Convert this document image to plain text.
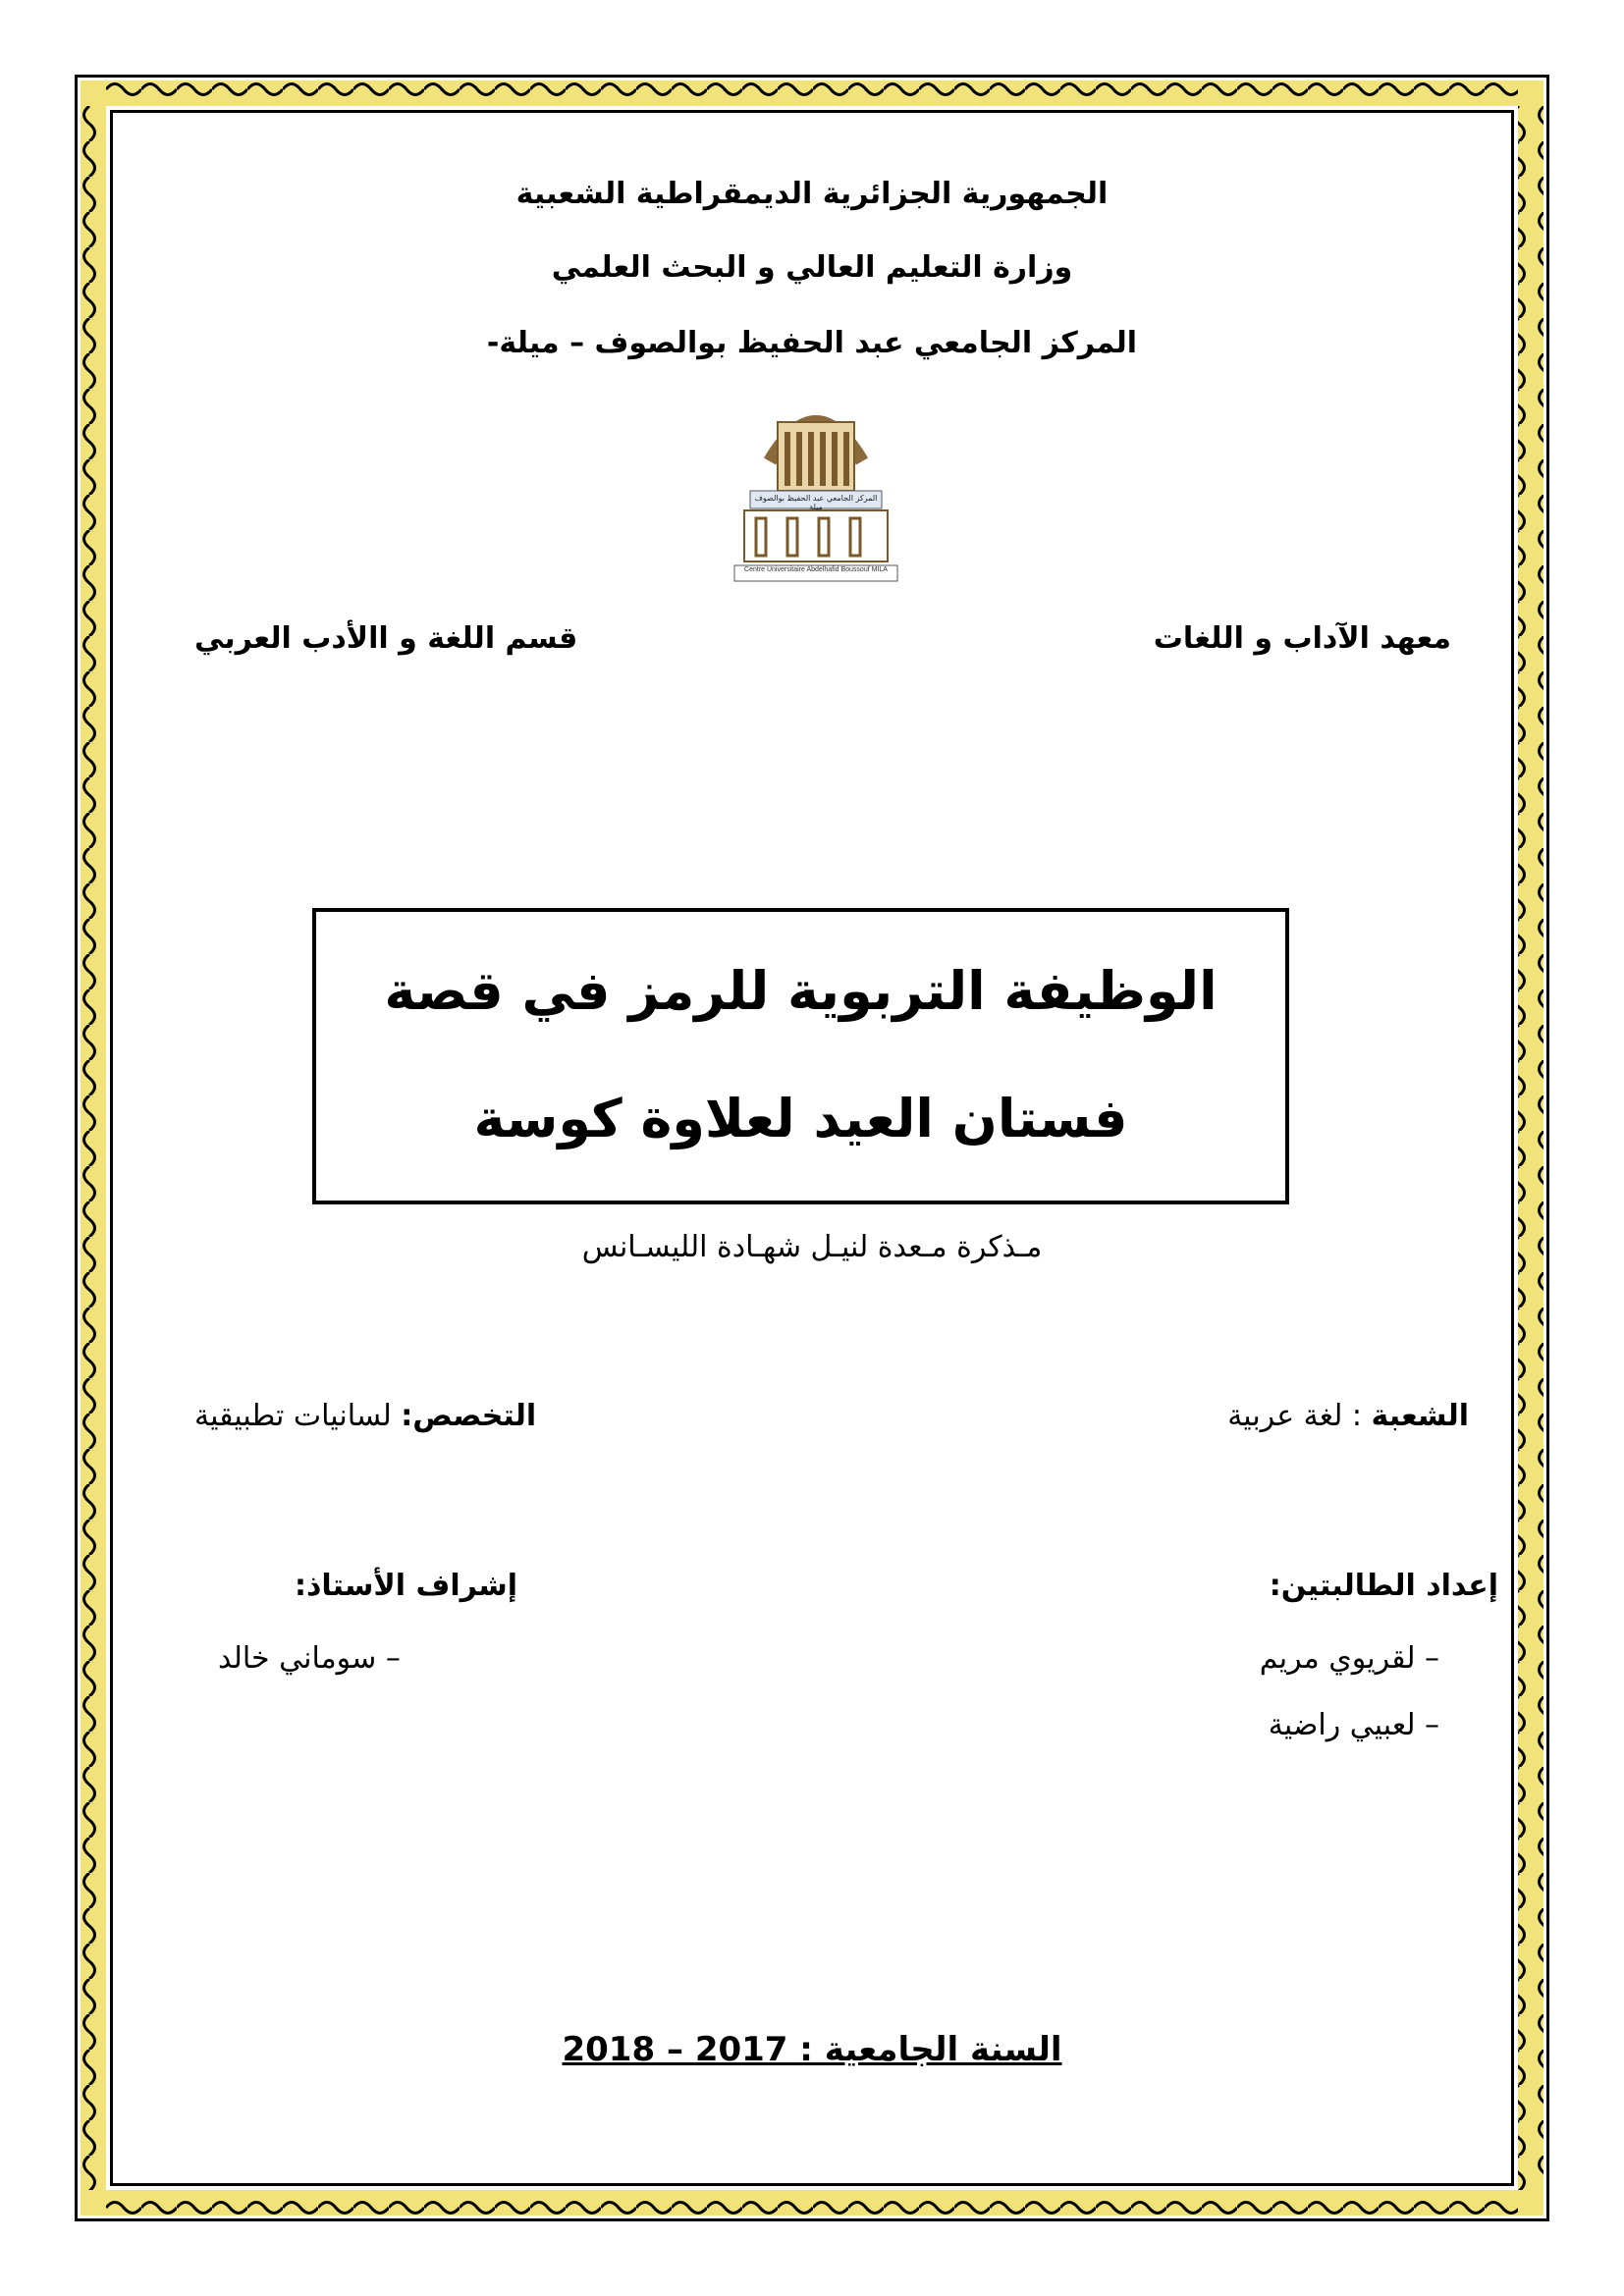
الجمهورية الجزائرية الديمقراطية الشعبية
وزارة التعليم العالي و البحث العلمي
المركز الجامعي عبد الحفيظ بوالصوف – ميلة-
Centre Universitaire Abdelhafid Boussouf MILA
المركز الجامعي عبد الحفيظ بوالصوف ميلة
معهد الآداب و اللغات
قسم اللغة و االأدب العربي
الوظيفة التربوية للرمز في قصة
فستان العيد لعلاوة كوسة
مـذكرة مـعدة لنيـل شهـادة الليسـانس
الشعبة : لغة عربية
التخصص: لسانيات تطبيقية
إعداد الطالبتين:
إشراف الأستاذ:
– لقريوي مريم
– سوماني خالد
– لعبيي راضية
السنة الجامعية : 2017 – 2018
